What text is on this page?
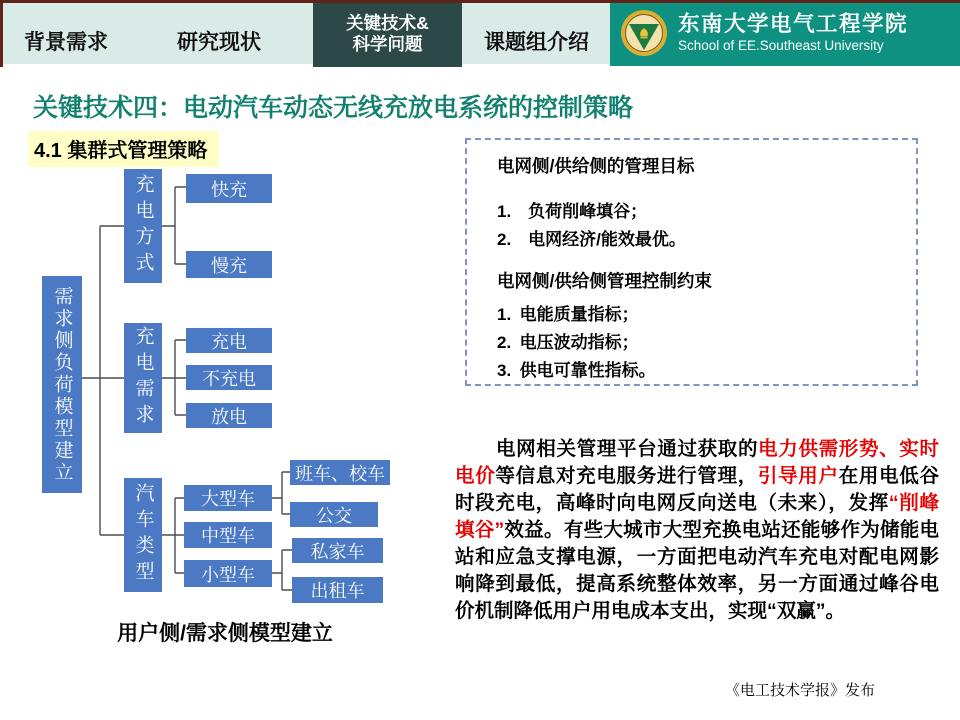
背景需求	研究现状
关键技术&
科学问题	课题组介绍
东南大学电气工程学院
School of EE.Southeast University
关键技术四：电动汽车动态无线充放电系统的控制策略
4.1 集群式管理策略
需求侧负荷模型建立
充电方式	快充
慢充
充电需求	充电
不充电
放电
汽车类型	大型车
中型车
小型车
班车、校车
公交
私家车
出租车
用户侧/需求侧模型建立
电网侧/供给侧的管理目标
1.　负荷削峰填谷；
2.　电网经济/能效最优。
电网侧/供给侧管理控制约束
1. 电能质量指标；
2. 电压波动指标；
3. 供电可靠性指标。
电网相关管理平台通过获取的电力供需形势、实时电价等信息对充电服务进行管理，引导用户在用电低谷时段充电，高峰时向电网反向送电（未来），发挥“削峰填谷”效益。有些大城市大型充换电站还能够作为储能电站和应急支撑电源，一方面把电动汽车充电对配电网影响降到最低，提高系统整体效率，另一方面通过峰谷电价机制降低用户用电成本支出，实现“双赢”。
《电工技术学报》发布
